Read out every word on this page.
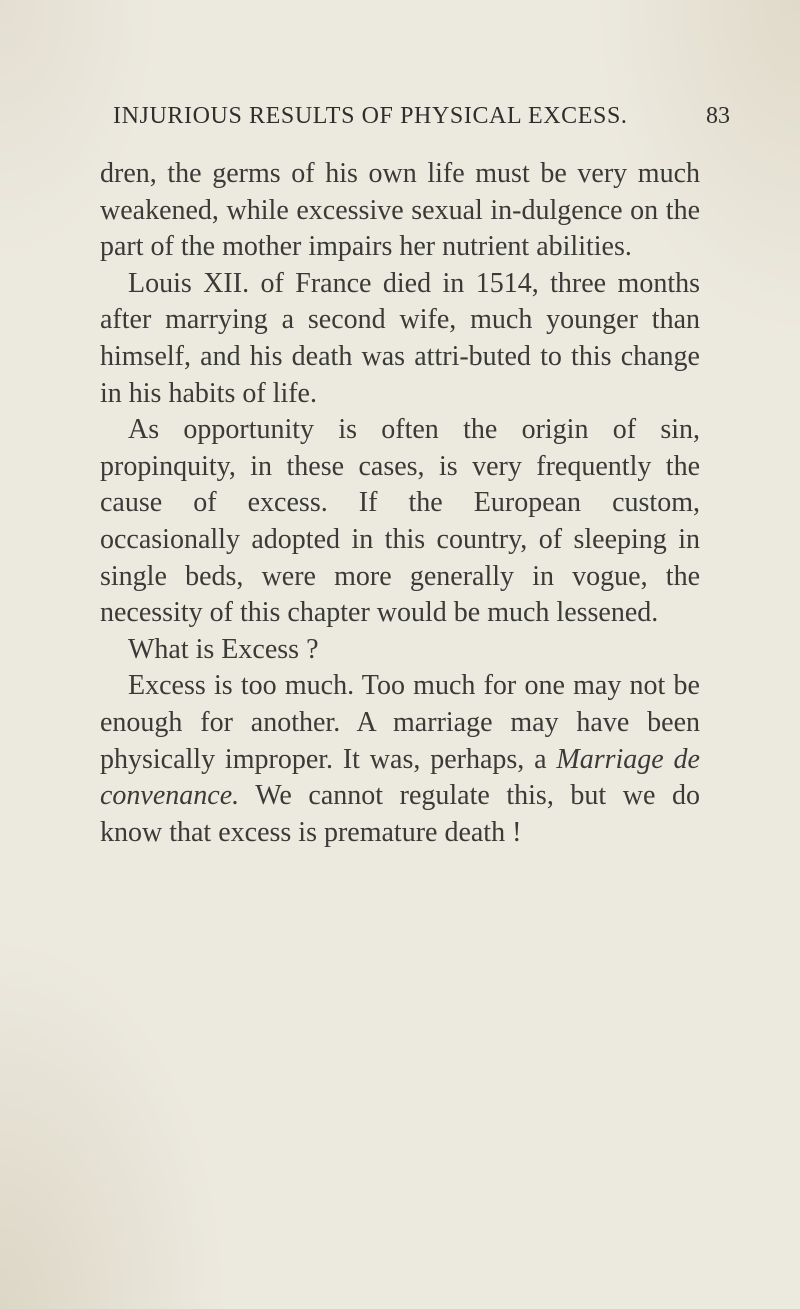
INJURIOUS RESULTS OF PHYSICAL EXCESS.	83

dren, the germs of his own life must be very much weakened, while excessive sexual in-dulgence on the part of the mother impairs her nutrient abilities.

Louis XII. of France died in 1514, three months after marrying a second wife, much younger than himself, and his death was attri-buted to this change in his habits of life.

As opportunity is often the origin of sin, propinquity, in these cases, is very frequently the cause of excess. If the European custom, occasionally adopted in this country, of sleeping in single beds, were more generally in vogue, the necessity of this chapter would be much lessened.

What is Excess ?

Excess is too much. Too much for one may not be enough for another. A marriage may have been physically improper. It was, perhaps, a Marriage de convenance. We cannot regulate this, but we do know that excess is premature death !
